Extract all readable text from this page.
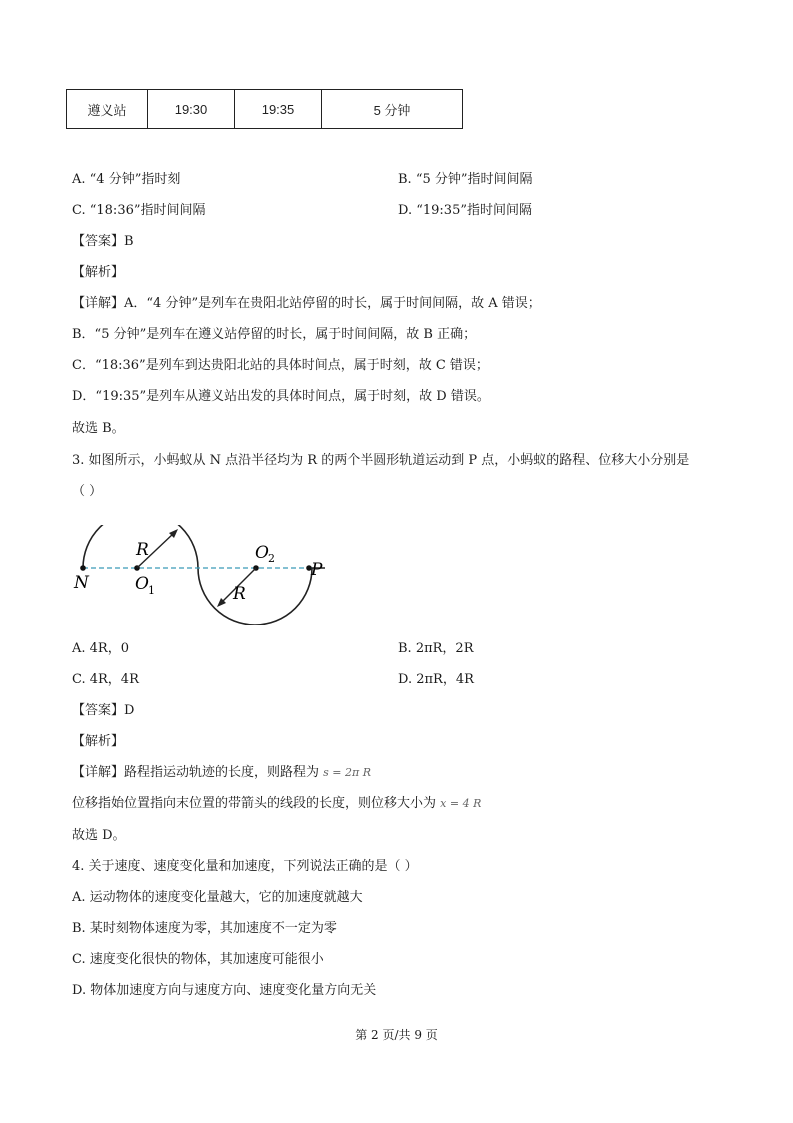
遵义站	19:30	19:35	5 分钟
A. “4 分钟”指时刻	B. “5 分钟”指时间间隔
C. “18:36”指时间间隔	D. “19:35”指时间间隔
【答案】B
【解析】
【详解】A．“4 分钟”是列车在贵阳北站停留的时长，属于时间间隔，故 A 错误；
B．“5 分钟”是列车在遵义站停留的时长，属于时间间隔，故 B 正确；
C．“18:36”是列车到达贵阳北站的具体时间点，属于时刻，故 C 错误；
D．“19:35”是列车从遵义站出发的具体时间点，属于时刻，故 D 错误。
故选 B。
3. 如图所示，小蚂蚁从 N 点沿半径均为 R 的两个半圆形轨道运动到 P 点，小蚂蚁的路程、位移大小分别是
（ ）
R
R
N	O 1
O 2
P
A. 4R，0	B. 2πR，2R
C. 4R，4R	D. 2πR，4R
【答案】D
【解析】
【详解】路程指运动轨迹的长度，则路程为 s = 2π R
位移指始位置指向末位置的带箭头的线段的长度，则位移大小为 x = 4 R
故选 D。
4. 关于速度、速度变化量和加速度，下列说法正确的是（ ）
A. 运动物体的速度变化量越大，它的加速度就越大
B. 某时刻物体速度为零，其加速度不一定为零
C. 速度变化很快的物体，其加速度可能很小
D. 物体加速度方向与速度方向、速度变化量方向无关
第 2 页/共 9 页
